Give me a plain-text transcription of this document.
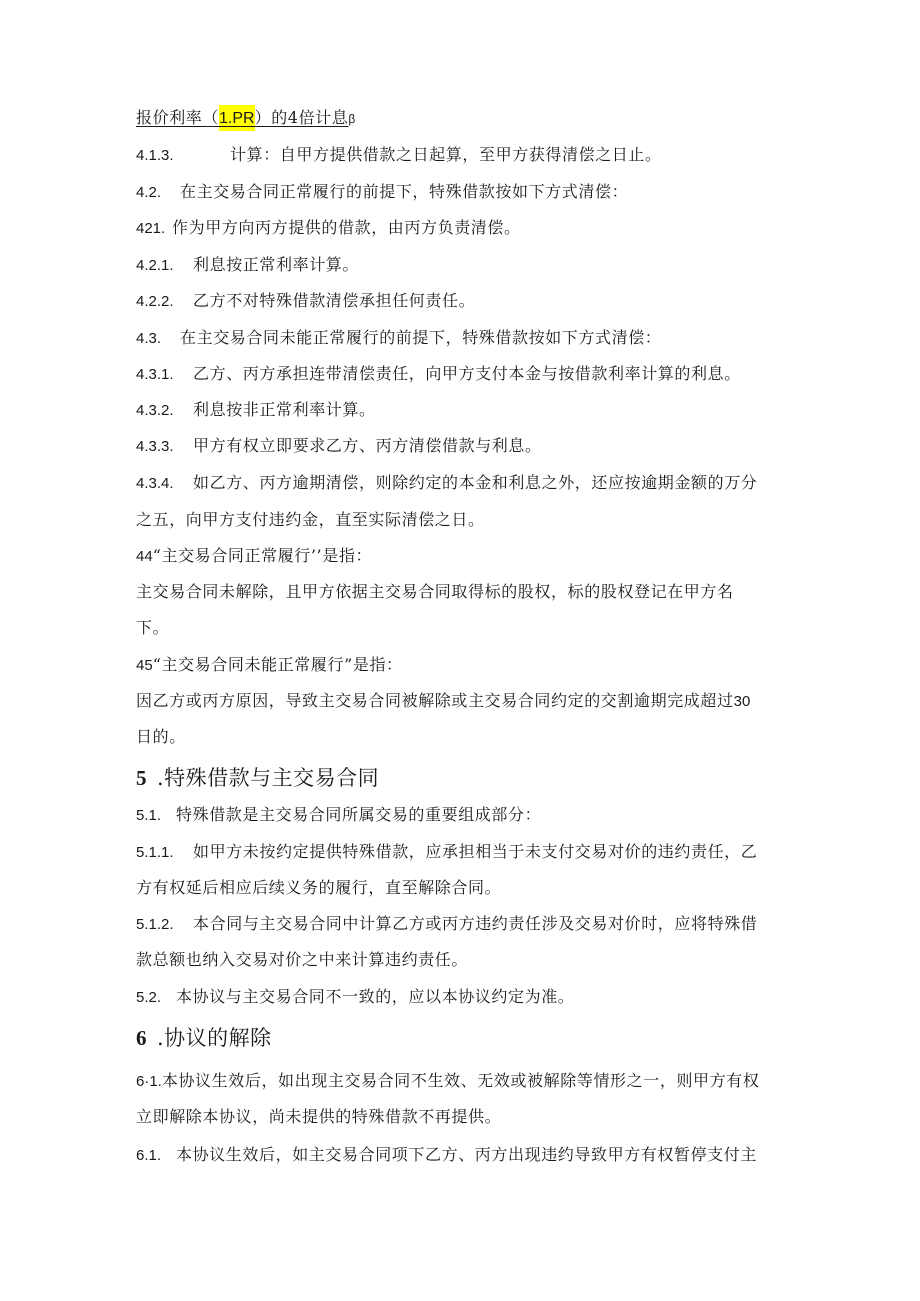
报价利率（1.PR）的4倍计息β
4.1.3.	计算：自甲方提供借款之日起算，至甲方获得清偿之日止。
4.2. 在主交易合同正常履行的前提下，特殊借款按如下方式清偿：
421. 作为甲方向丙方提供的借款，由丙方负责清偿。
4.2.1. 利息按正常利率计算。
4.2.2. 乙方不对特殊借款清偿承担任何责任。
4.3. 在主交易合同未能正常履行的前提下，特殊借款按如下方式清偿：
4.3.1. 乙方、丙方承担连带清偿责任，向甲方支付本金与按借款利率计算的利息。
4.3.2. 利息按非正常利率计算。
4.3.3. 甲方有权立即要求乙方、丙方清偿借款与利息。
4.3.4. 如乙方、丙方逾期清偿，则除约定的本金和利息之外，还应按逾期金额的万分
之五，向甲方支付违约金，直至实际清偿之日。
44“主交易合同正常履行’’是指：
主交易合同未解除，且甲方依据主交易合同取得标的股权，标的股权登记在甲方名
下。
45“主交易合同未能正常履行”是指：
因乙方或丙方原因，导致主交易合同被解除或主交易合同约定的交割逾期完成超过30
日的。
5 .特殊借款与主交易合同
5.1. 特殊借款是主交易合同所属交易的重要组成部分：
5.1.1. 如甲方未按约定提供特殊借款，应承担相当于未支付交易对价的违约责任，乙
方有权延后相应后续义务的履行，直至解除合同。
5.1.2. 本合同与主交易合同中计算乙方或丙方违约责任涉及交易对价时，应将特殊借
款总额也纳入交易对价之中来计算违约责任。
5.2. 本协议与主交易合同不一致的，应以本协议约定为准。
6 .协议的解除
6·1.本协议生效后，如出现主交易合同不生效、无效或被解除等情形之一，则甲方有权
立即解除本协议，尚未提供的特殊借款不再提供。
6.1. 本协议生效后，如主交易合同项下乙方、丙方出现违约导致甲方有权暂停支付主
